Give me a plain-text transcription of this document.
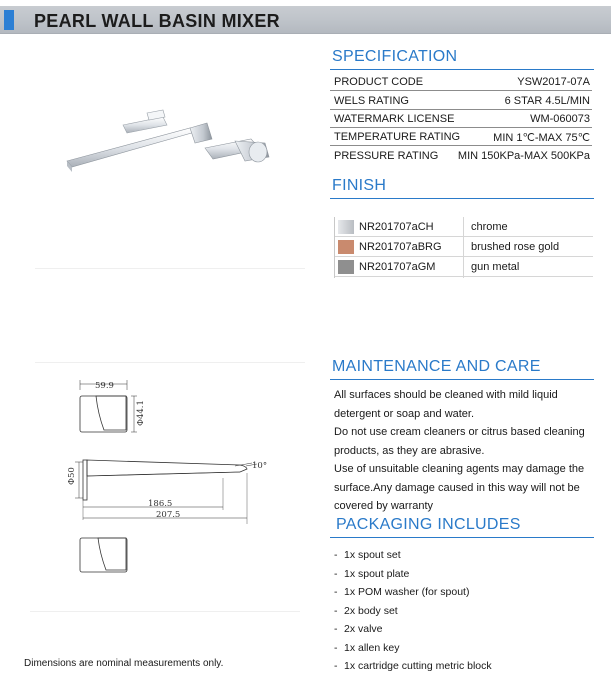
PEARL WALL BASIN MIXER
59.9
Φ44.1
Φ50
10°
186.5
207.5
SPECIFICATION
PRODUCT CODE	YSW2017-07A
WELS RATING	6 STAR 4.5L/MIN
WATERMARK LICENSE	WM-060073
TEMPERATURE RATING	MIN 1℃-MAX 75℃
PRESSURE RATING MIN 150KPa-MAX 500KPa
FINISH
NR201707aCH	chrome
NR201707aBRG	brushed rose gold
NR201707aGM	gun metal
MAINTENANCE AND CARE

All surfaces should be cleaned with mild liquid

detergent or soap and water.

Do not use cream cleaners or citrus based cleaning

products, as they are abrasive.

Use of unsuitable cleaning agents may damage the

surface.Any damage caused in this way will not be

covered by warranty

PACKAGING INCLUDES
- 1x spout set
- 1x spout plate
- 1x POM washer (for spout)
- 2x body set
- 2x valve
- 1x allen key
- 1x cartridge cutting metric block
Dimensions are nominal measurements only.
